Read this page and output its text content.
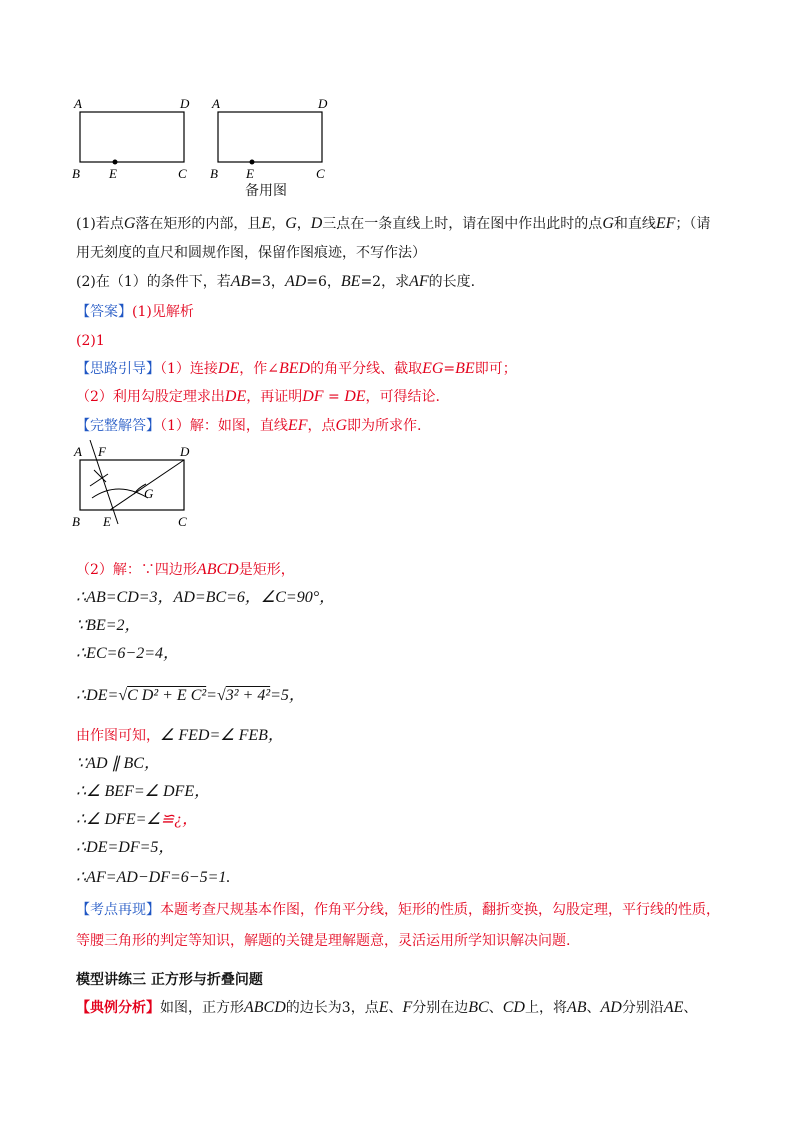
A	D
B E	C
A	D
B E	C
备用图
(1)若点G落在矩形的内部，且E，G，D三点在一条直线上时，请在图中作出此时的点G和直线EF；（请
用无刻度的直尺和圆规作图，保留作图痕迹，不写作法）
(2)在（1）的条件下，若AB=3，AD=6，BE=2，求AF的长度.
【答案】(1)见解析
(2)1
【思路引导】（1）连接DE，作∠BED的角平分线、截取EG=BE即可；
（2）利用勾股定理求出DE，再证明DF = DE，可得结论.
【完整解答】（1）解：如图，直线EF，点G即为所求作.
A F	D
G
B E	C
（2）解：∵四边形ABCD是矩形，
∴AB=CD=3，AD=BC=6，∠C=90°，
∵BE=2，
∴EC=6−2=4，
∴DE=√C D² + E C²=√3² + 4²=5，
由作图可知，∠ FED=∠ FEB，
∵AD ∥ BC，
∴∠ BEF=∠ DFE，
∴∠ DFE=∠≌¿，
∴DE=DF=5，
∴AF=AD−DF=6−5=1.
【考点再现】本题考查尺规基本作图，作角平分线，矩形的性质，翻折变换，勾股定理，平行线的性质，
等腰三角形的判定等知识，解题的关键是理解题意，灵活运用所学知识解决问题.
模型讲练三 正方形与折叠问题
【典例分析】如图，正方形ABCD的边长为3，点E、F分别在边BC、CD上，将AB、AD分别沿AE、
